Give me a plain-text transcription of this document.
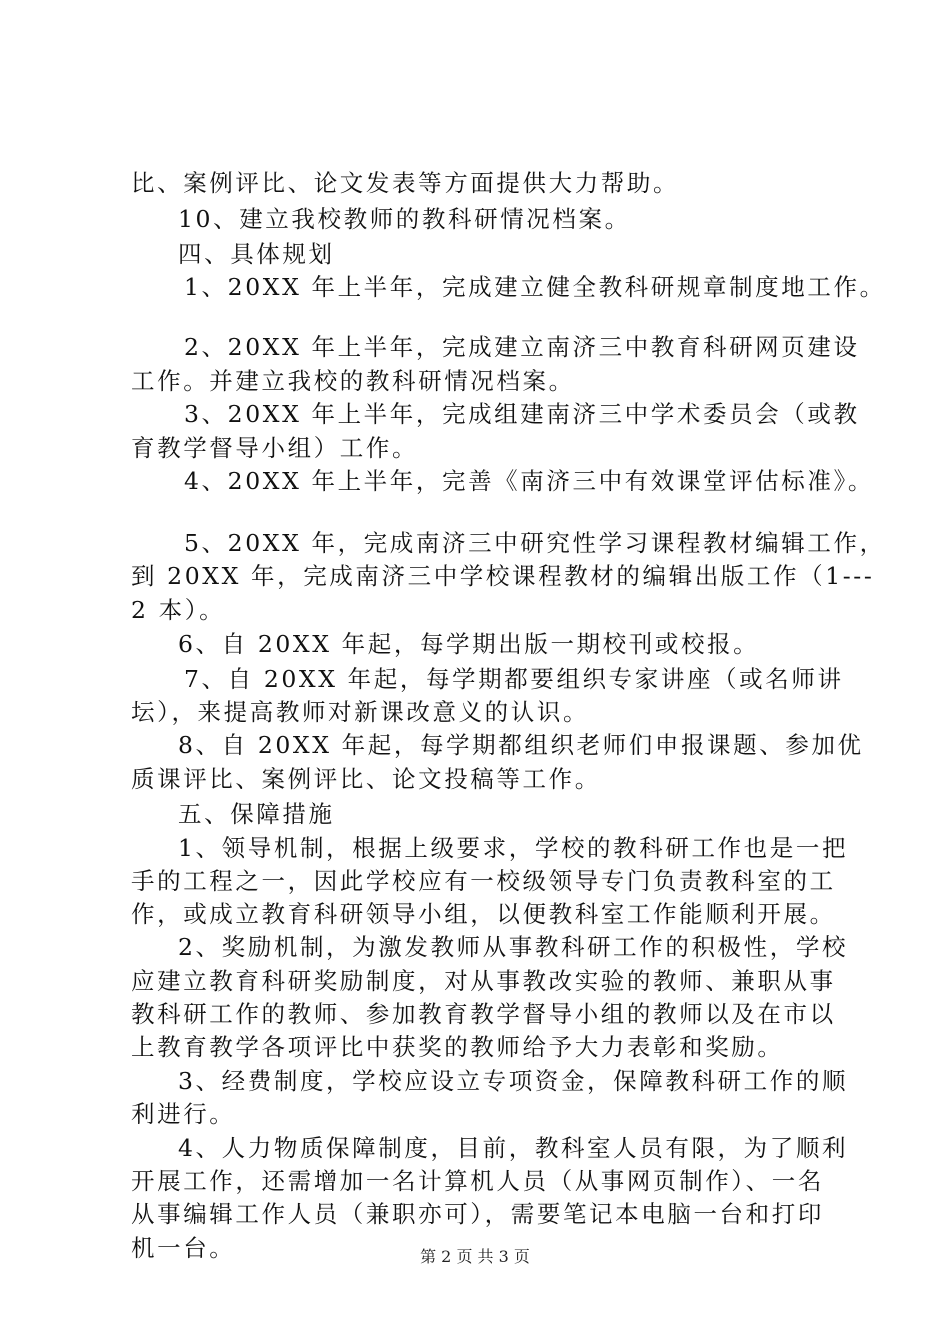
比、案例评比、论文发表等方面提供大力帮助。
10、建立我校教师的教科研情况档案。
四、具体规划
1、20XX 年上半年，完成建立健全教科研规章制度地工作。
2、20XX 年上半年，完成建立南济三中教育科研网页建设
工作。并建立我校的教科研情况档案。
3、20XX 年上半年，完成组建南济三中学术委员会（或教
育教学督导小组）工作。
4、20XX 年上半年，完善《南济三中有效课堂评估标准》。
5、20XX 年，完成南济三中研究性学习课程教材编辑工作，
到 20XX 年，完成南济三中学校课程教材的编辑出版工作（1---
2 本）。
6、自 20XX 年起，每学期出版一期校刊或校报。
7、自 20XX 年起，每学期都要组织专家讲座（或名师讲
坛），来提高教师对新课改意义的认识。
8、自 20XX 年起，每学期都组织老师们申报课题、参加优
质课评比、案例评比、论文投稿等工作。
五、保障措施
1、领导机制，根据上级要求，学校的教科研工作也是一把
手的工程之一，因此学校应有一校级领导专门负责教科室的工
作，或成立教育科研领导小组，以便教科室工作能顺利开展。
2、奖励机制，为激发教师从事教科研工作的积极性，学校
应建立教育科研奖励制度，对从事教改实验的教师、兼职从事
教科研工作的教师、参加教育教学督导小组的教师以及在市以
上教育教学各项评比中获奖的教师给予大力表彰和奖励。
3、经费制度，学校应设立专项资金，保障教科研工作的顺
利进行。
4、人力物质保障制度，目前，教科室人员有限，为了顺利
开展工作，还需增加一名计算机人员（从事网页制作）、一名
从事编辑工作人员（兼职亦可），需要笔记本电脑一台和打印
机一台。	第 2 页 共 3 页
